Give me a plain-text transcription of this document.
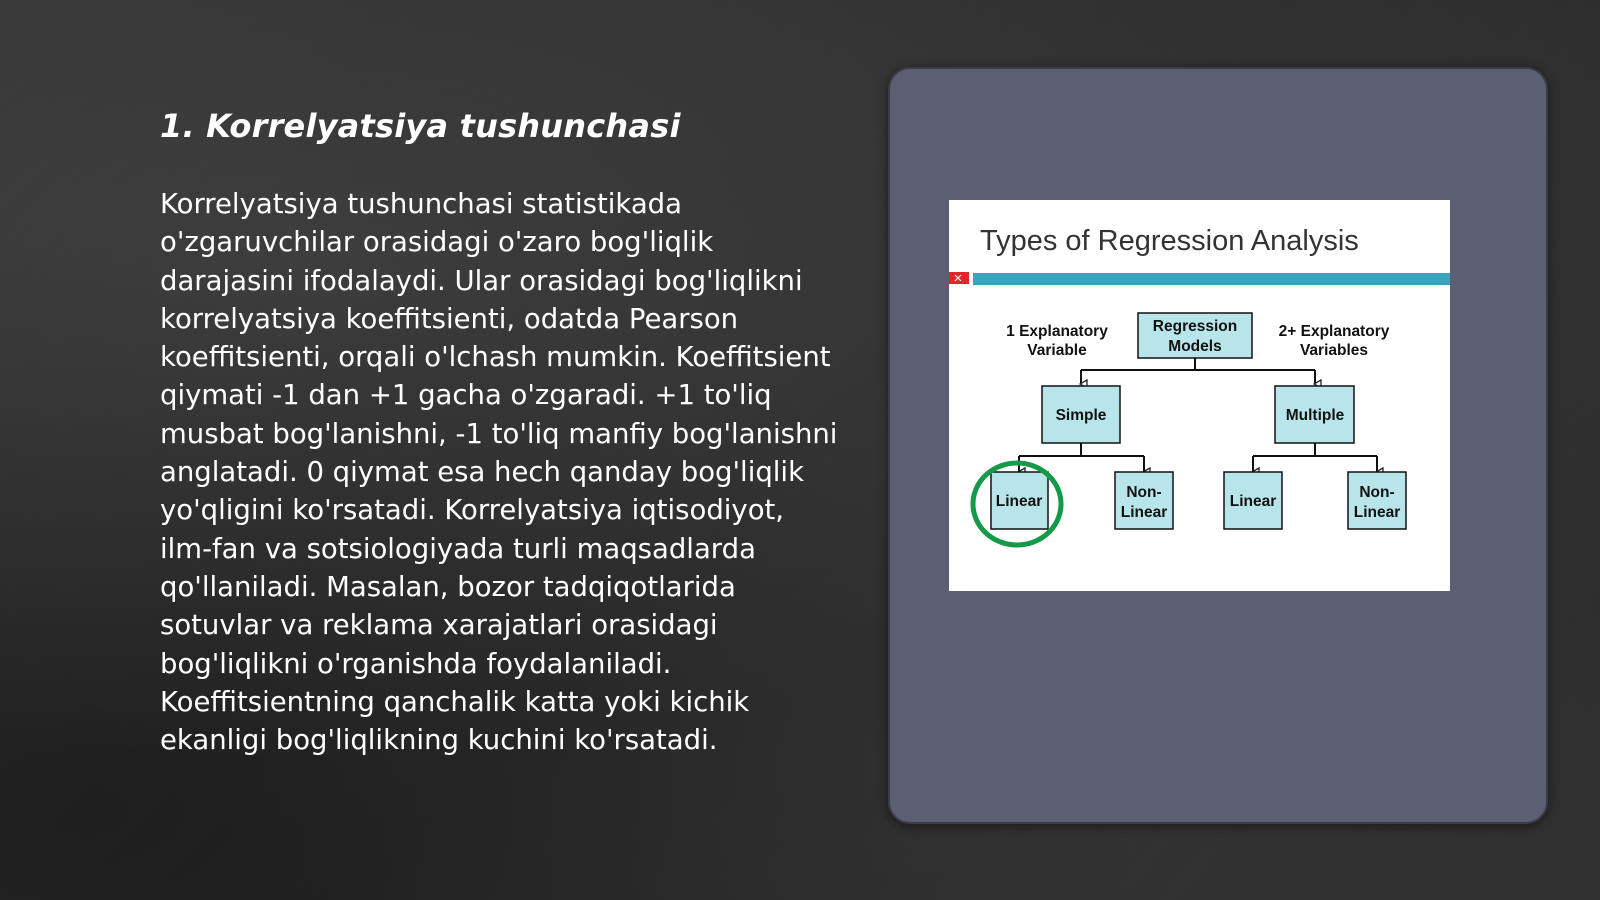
1. Korrelyatsiya tushunchasi

Korrelyatsiya tushunchasi statistikada o'zgaruvchilar orasidagi o'zaro bog'liqlik darajasini ifodalaydi. Ular orasidagi bog'liqlikni korrelyatsiya koeffitsienti, odatda Pearson koeffitsienti, orqali o'lchash mumkin. Koeffitsient qiymati -1 dan +1 gacha o'zgaradi. +1 to'liq musbat bog'lanishni, -1 to'liq manfiy bog'lanishni anglatadi. 0 qiymat esa hech qanday bog'liqlik yo'qligini ko'rsatadi. Korrelyatsiya iqtisodiyot, ilm-fan va sotsiologiyada turli maqsadlarda qo'llaniladi. Masalan, bozor tadqiqotlarida sotuvlar va reklama xarajatlari orasidagi bog'liqlikni o'rganishda foydalaniladi. Koeffitsientning qanchalik katta yoki kichik ekanligi bog'liqlikning kuchini ko'rsatadi.

Types of Regression Analysis
1 Explanatory
Variable
2+ Explanatory
Variables
Regression
Models
Simple	Multiple
Linear
Non-
Linear
Linear
Non-
Linear
